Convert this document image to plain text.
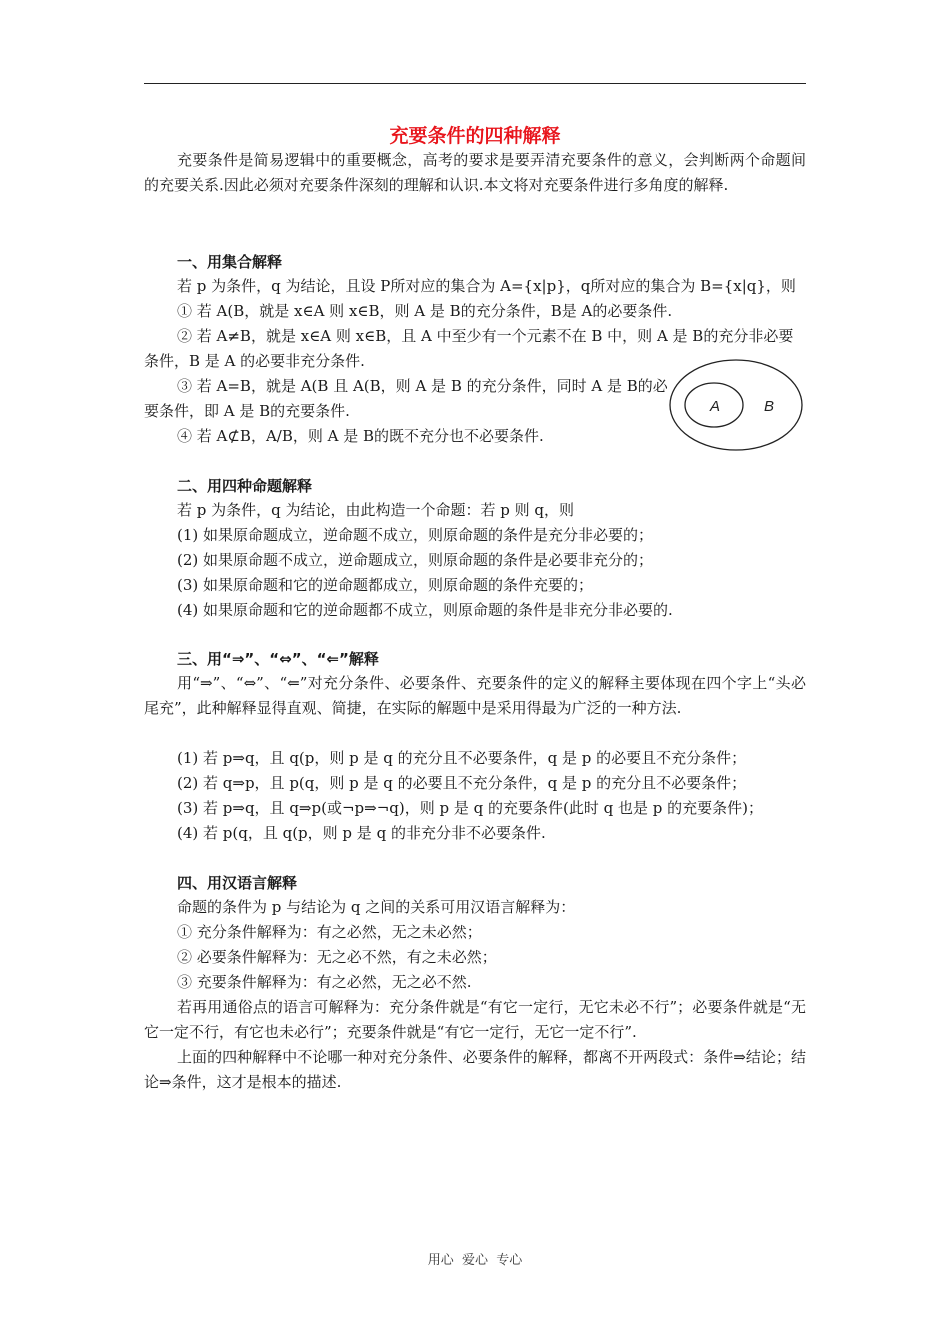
充要条件的四种解释
充要条件是简易逻辑中的重要概念，高考的要求是要弄清充要条件的意义，会判断两个命题间的充要关系.因此必须对充要条件深刻的理解和认识.本文将对充要条件进行多角度的解释.
一、用集合解释
若 p 为条件，q 为结论，且设 P所对应的集合为 A={x|p}，q所对应的集合为 B={x|q}，则
① 若 A(B，就是 x∈A 则 x∈B，则 A 是 B的充分条件，B是 A的必要条件.
② 若 A≠B，就是 x∈A 则 x∈B，且 A 中至少有一个元素不在 B 中，则 A 是 B的充分非必要
条件，B 是 A 的必要非充分条件.
③ 若 A=B，就是 A(B 且 A(B，则 A 是 B 的充分条件，同时 A 是 B的必
要条件，即 A 是 B的充要条件.
④ 若 A⊄B，A/B，则 A 是 B的既不充分也不必要条件.
A	B
二、用四种命题解释
若 p 为条件，q 为结论，由此构造一个命题：若 p 则 q，则
(1) 如果原命题成立，逆命题不成立，则原命题的条件是充分非必要的；
(2) 如果原命题不成立，逆命题成立，则原命题的条件是必要非充分的；
(3) 如果原命题和它的逆命题都成立，则原命题的条件充要的；
(4) 如果原命题和它的逆命题都不成立，则原命题的条件是非充分非必要的.
三、用“⇒”、“⇔”、“⇐”解释
用“⇒”、“⇔”、“⇐”对充分条件、必要条件、充要条件的定义的解释主要体现在四个字上“头必尾充”，此种解释显得直观、简捷，在实际的解题中是采用得最为广泛的一种方法.
(1) 若 p⇒q，且 q(p，则 p 是 q 的充分且不必要条件，q 是 p 的必要且不充分条件；
(2) 若 q⇒p，且 p(q，则 p 是 q 的必要且不充分条件，q 是 p 的充分且不必要条件；
(3) 若 p⇒q，且 q⇒p(或¬p⇒¬q)，则 p 是 q 的充要条件(此时 q 也是 p 的充要条件)；
(4) 若 p(q，且 q(p，则 p 是 q 的非充分非不必要条件.
四、用汉语言解释
命题的条件为 p 与结论为 q 之间的关系可用汉语言解释为：
① 充分条件解释为：有之必然，无之未必然；
② 必要条件解释为：无之必不然，有之未必然；
③ 充要条件解释为：有之必然，无之必不然.
若再用通俗点的语言可解释为：充分条件就是“有它一定行，无它未必不行”；必要条件就是“无它一定不行，有它也未必行”；充要条件就是“有它一定行，无它一定不行”.
上面的四种解释中不论哪一种对充分条件、必要条件的解释，都离不开两段式：条件⇒结论；结论⇒条件，这才是根本的描述.
用心  爱心  专心
